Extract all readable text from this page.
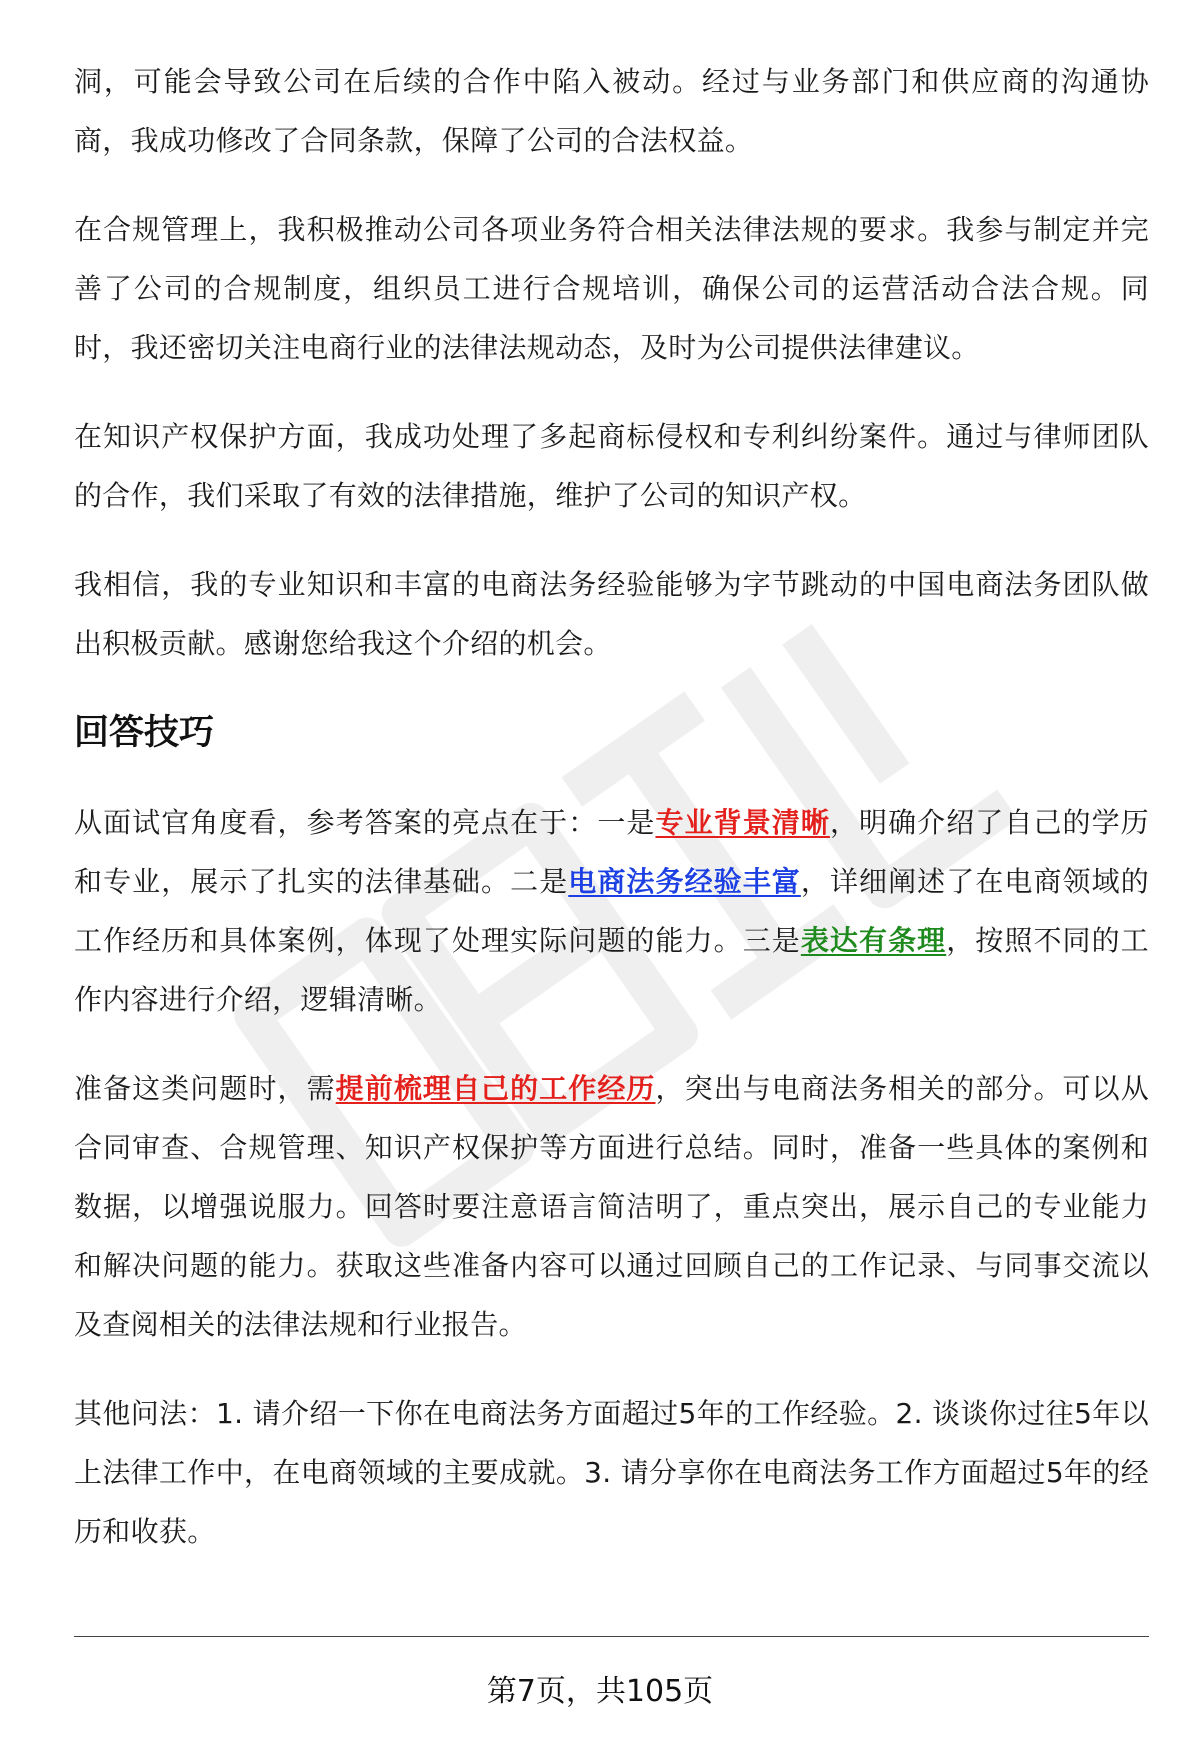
洞，可能会导致公司在后续的合作中陷入被动。经过与业务部门和供应商的沟通协商，我成功修改了合同条款，保障了公司的合法权益。

在合规管理上，我积极推动公司各项业务符合相关法律法规的要求。我参与制定并完善了公司的合规制度，组织员工进行合规培训，确保公司的运营活动合法合规。同时，我还密切关注电商行业的法律法规动态，及时为公司提供法律建议。

在知识产权保护方面，我成功处理了多起商标侵权和专利纠纷案件。通过与律师团队的合作，我们采取了有效的法律措施，维护了公司的知识产权。

我相信，我的专业知识和丰富的电商法务经验能够为字节跳动的中国电商法务团队做出积极贡献。感谢您给我这个介绍的机会。

回答技巧

从面试官角度看，参考答案的亮点在于：一是专业背景清晰，明确介绍了自己的学历和专业，展示了扎实的法律基础。二是电商法务经验丰富，详细阐述了在电商领域的工作经历和具体案例，体现了处理实际问题的能力。三是表达有条理，按照不同的工作内容进行介绍，逻辑清晰。

准备这类问题时，需提前梳理自己的工作经历，突出与电商法务相关的部分。可以从合同审查、合规管理、知识产权保护等方面进行总结。同时，准备一些具体的案例和数据，以增强说服力。回答时要注意语言简洁明了，重点突出，展示自己的专业能力和解决问题的能力。获取这些准备内容可以通过回顾自己的工作记录、与同事交流以及查阅相关的法律法规和行业报告。

其他问法：1. 请介绍一下你在电商法务方面超过5年的工作经验。2. 谈谈你过往5年以上法律工作中，在电商领域的主要成就。3. 请分享你在电商法务工作方面超过5年的经历和收获。

第7页，共105页
